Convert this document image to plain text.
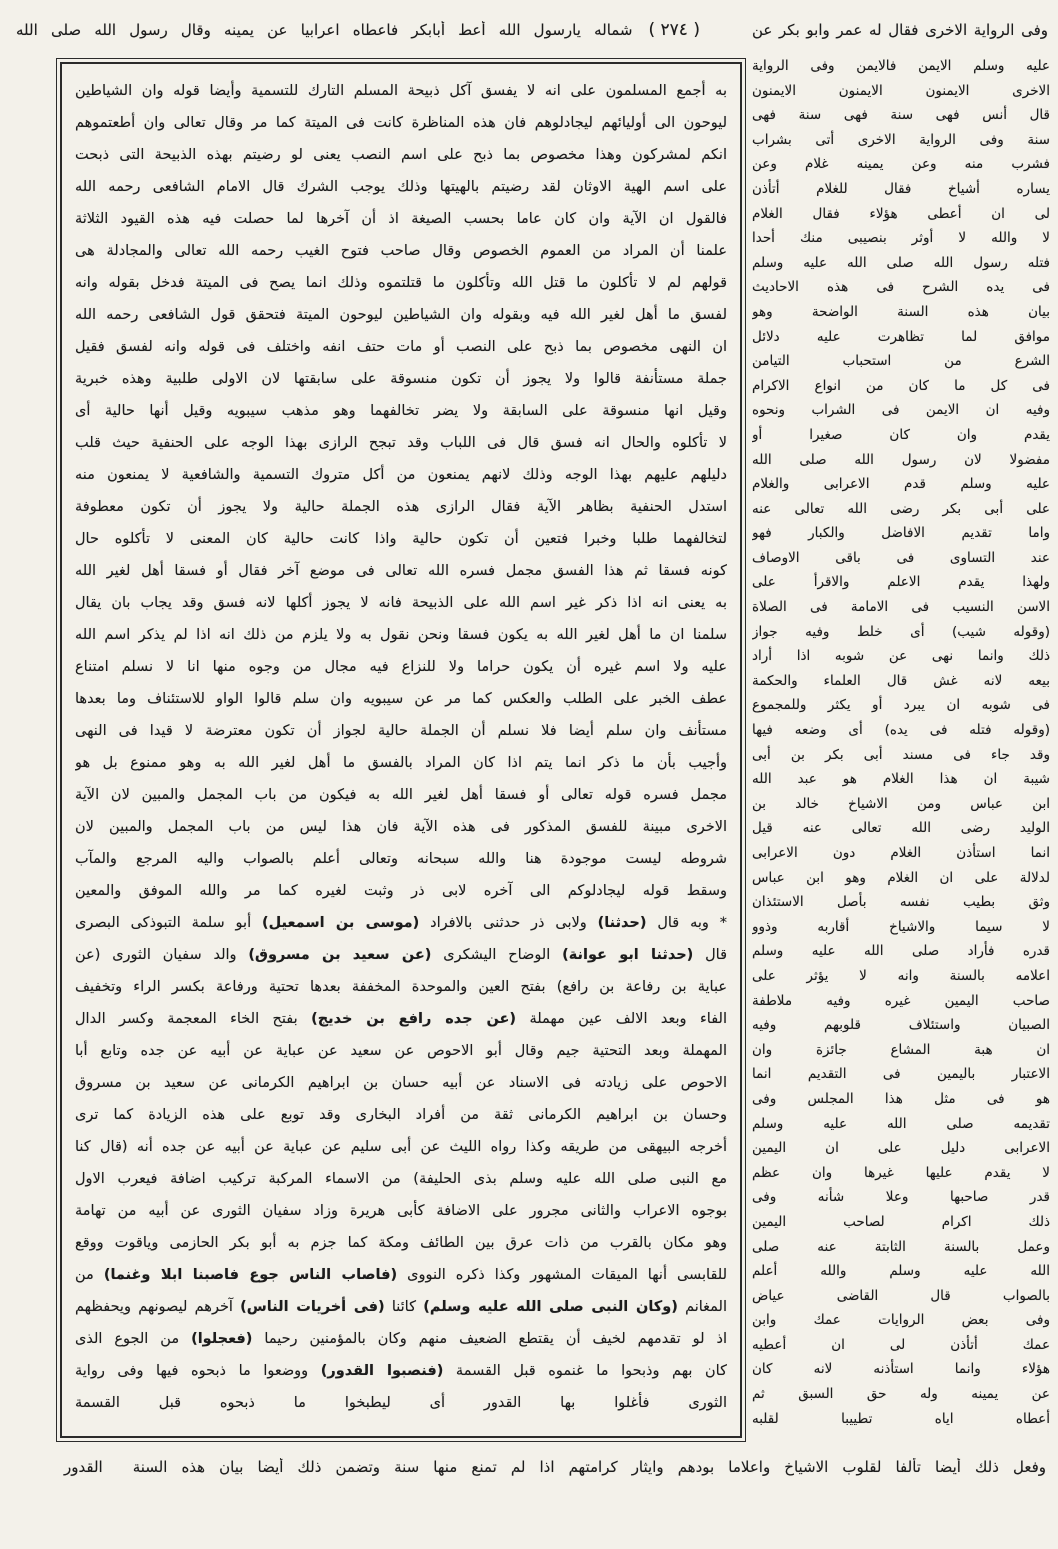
وفى الرواية الاخرى فقال له عمر وابو بكر عن
( ٢٧٤ )
شماله يارسول الله أعط أبابكر فاعطاه اعرابيا عن يمينه وقال رسول الله صلى الله
به أجمع المسلمون على انه لا يفسق آكل ذبيحة المسلم التارك للتسمية وأيضا قوله وان الشياطين
ليوحون الى أوليائهم ليجادلوهم فان هذه المناظرة كانت فى الميتة كما مر وقال تعالى وان أطعتموهم
انكم لمشركون وهذا مخصوص بما ذبح على اسم النصب يعنى لو رضيتم بهذه الذبيحة التى ذبحت
على اسم الهية الاوثان لقد رضيتم بالهيتها وذلك يوجب الشرك قال الامام الشافعى رحمه الله
فالقول ان الآية وان كان عاما بحسب الصيغة اذ أن آخرها لما حصلت فيه هذه القيود الثلاثة
علمنا أن المراد من العموم الخصوص وقال صاحب فتوح الغيب رحمه الله تعالى والمجادلة هى
قولهم لم لا تأكلون ما قتل الله وتأكلون ما قتلتموه وذلك انما يصح فى الميتة فدخل بقوله وانه
لفسق ما أهل لغير الله فيه وبقوله وان الشياطين ليوحون الميتة فتحقق قول الشافعى رحمه الله
ان النهى مخصوص بما ذبح على النصب أو مات حتف انفه واختلف فى قوله وانه لفسق فقيل
جملة مستأنفة قالوا ولا يجوز أن تكون منسوقة على سابقتها لان الاولى طلبية وهذه خبرية
وقيل انها منسوقة على السابقة ولا يضر تخالفهما وهو مذهب سيبويه وقيل أنها حالية أى
لا تأكلوه والحال انه فسق قال فى اللباب وقد تبجح الرازى بهذا الوجه على الحنفية حيث قلب
دليلهم عليهم بهذا الوجه وذلك لانهم يمنعون من أكل متروك التسمية والشافعية لا يمنعون منه
استدل الحنفية بظاهر الآية فقال الرازى هذه الجملة حالية ولا يجوز أن تكون معطوفة
لتخالفهما طلبا وخبرا فتعين أن تكون حالية واذا كانت حالية كان المعنى لا تأكلوه حال
كونه فسقا ثم هذا الفسق مجمل فسره الله تعالى فى موضع آخر فقال أو فسقا أهل لغير الله
به يعنى انه اذا ذكر غير اسم الله على الذبيحة فانه لا يجوز أكلها لانه فسق وقد يجاب بان يقال
سلمنا ان ما أهل لغير الله به يكون فسقا ونحن نقول به ولا يلزم من ذلك انه اذا لم يذكر اسم الله
عليه ولا اسم غيره أن يكون حراما ولا للنزاع فيه مجال من وجوه منها انا لا نسلم امتناع
عطف الخبر على الطلب والعكس كما مر عن سيبويه وان سلم قالوا الواو للاستئناف وما بعدها
مستأنف وان سلم أيضا فلا نسلم أن الجملة حالية لجواز أن تكون معترضة لا قيدا فى النهى
وأجيب بأن ما ذكر انما يتم اذا كان المراد بالفسق ما أهل لغير الله به وهو ممنوع بل هو
مجمل فسره قوله تعالى أو فسقا أهل لغير الله به فيكون من باب المجمل والمبين لان الآية
الاخرى مبينة للفسق المذكور فى هذه الآية فان هذا ليس من باب المجمل والمبين لان
شروطه ليست موجودة هنا والله سبحانه وتعالى أعلم بالصواب واليه المرجع والمآب
وسقط قوله ليجادلوكم الى آخره لابى ذر وثبت لغيره كما مر والله الموفق والمعين
* وبه قال (حدثنا) ولابى ذر حدثنى بالافراد (موسى بن اسمعيل) أبو سلمة التبوذكى البصرى
قال (حدثنا ابو عوانة) الوضاح اليشكرى (عن سعيد بن مسروق) والد سفيان الثورى (عن
عباية بن رفاعة بن رافع) بفتح العين والموحدة المخففة بعدها تحتية ورفاعة بكسر الراء وتخفيف
الفاء وبعد الالف عين مهملة (عن جده رافع بن خديج) بفتح الخاء المعجمة وكسر الدال
المهملة وبعد التحتية جيم وقال أبو الاحوص عن سعيد عن عباية عن أبيه عن جده وتابع أبا
الاحوص على زيادته فى الاسناد عن أبيه حسان بن ابراهيم الكرمانى عن سعيد بن مسروق
وحسان بن ابراهيم الكرمانى ثقة من أفراد البخارى وقد توبع على هذه الزيادة كما ترى
أخرجه البيهقى من طريقه وكذا رواه الليث عن أبى سليم عن عباية عن أبيه عن جده أنه (قال كنا
مع النبى صلى الله عليه وسلم بذى الحليفة) من الاسماء المركبة تركيب اضافة فيعرب الاول
بوجوه الاعراب والثانى مجرور على الاضافة كأبى هريرة وزاد سفيان الثورى عن أبيه من تهامة
وهو مكان بالقرب من ذات عرق بين الطائف ومكة كما جزم به أبو بكر الحازمى وياقوت ووقع
للقابسى أنها الميقات المشهور وكذا ذكره النووى (فاصاب الناس جوع فاصبنا ابلا وغنما) من
المغانم (وكان النبى صلى الله عليه وسلم) كائنا (فى أخريات الناس) آخرهم ليصونهم ويحفظهم
اذ لو تقدمهم لخيف أن يقتطع الضعيف منهم وكان بالمؤمنين رحيما (فعجلوا) من الجوع الذى
كان بهم وذبحوا ما غنموه قبل القسمة (فنصبوا القدور) ووضعوا ما ذبحوه فيها وفى رواية
الثورى فأغلوا بها القدور أى ليطبخوا ما ذبحوه قبل القسمة
عليه وسلم الايمن فالايمن وفى الرواية
الاخرى الايمنون الايمنون الايمنون
قال أنس فهى سنة فهى سنة فهى
سنة وفى الرواية الاخرى أتى بشراب
فشرب منه وعن يمينه غلام وعن
يساره أشياخ فقال للغلام أتأذن
لى ان أعطى هؤلاء فقال الغلام
لا والله لا أوثر بنصيبى منك أحدا
فتله رسول الله صلى الله عليه وسلم
فى يده الشرح فى هذه الاحاديث
بيان هذه السنة الواضحة وهو
موافق لما تظاهرت عليه دلائل
الشرع من استحباب التيامن
فى كل ما كان من انواع الاكرام
وفيه ان الايمن فى الشراب ونحوه
يقدم وان كان صغيرا أو
مفضولا لان رسول الله صلى الله
عليه وسلم قدم الاعرابى والغلام
على أبى بكر رضى الله تعالى عنه
واما تقديم الافاضل والكبار فهو
عند التساوى فى باقى الاوصاف
ولهذا يقدم الاعلم والاقرأ على
الاسن النسيب فى الامامة فى الصلاة
(وقوله شيب) أى خلط وفيه جواز
ذلك وانما نهى عن شوبه اذا أراد
بيعه لانه غش قال العلماء والحكمة
فى شوبه ان يبرد أو يكثر وللمجموع
(وقوله فتله فى يده) أى وضعه فيها
وقد جاء فى مسند أبى بكر بن أبى
شيبة ان هذا الغلام هو عبد الله
ابن عباس ومن الاشياخ خالد بن
الوليد رضى الله تعالى عنه قيل
انما استأذن الغلام دون الاعرابى
لدلالة على ان الغلام وهو ابن عباس
وثق بطيب نفسه بأصل الاستئذان
لا سيما والاشياخ أقاربه وذوو
قدره فأراد صلى الله عليه وسلم
اعلامه بالسنة وانه لا يؤثر على
صاحب اليمين غيره وفيه ملاطفة
الصبيان واستئلاف قلوبهم وفيه
ان هبة المشاع جائزة وان
الاعتبار باليمين فى التقديم انما
هو فى مثل هذا المجلس وفى
تقديمه صلى الله عليه وسلم
الاعرابى دليل على ان اليمين
لا يقدم عليها غيرها وان عظم
قدر صاحبها وعلا شأنه وفى
ذلك اكرام لصاحب اليمين
وعمل بالسنة الثابتة عنه صلى
الله عليه وسلم والله أعلم
بالصواب قال القاضى عياض
وفى بعض الروايات عمك وابن
عمك أتأذن لى ان أعطيه
هؤلاء وانما استأذنه لانه كان
عن يمينه وله حق السبق ثم
أعطاه اياه تطييبا لقلبه
وفعل ذلك أيضا تألفا لقلوب الاشياخ واعلاما بودهم وايثار كرامتهم اذا لم تمنع منها سنة وتضمن ذلك أيضا بيان هذه السنة
القدور
